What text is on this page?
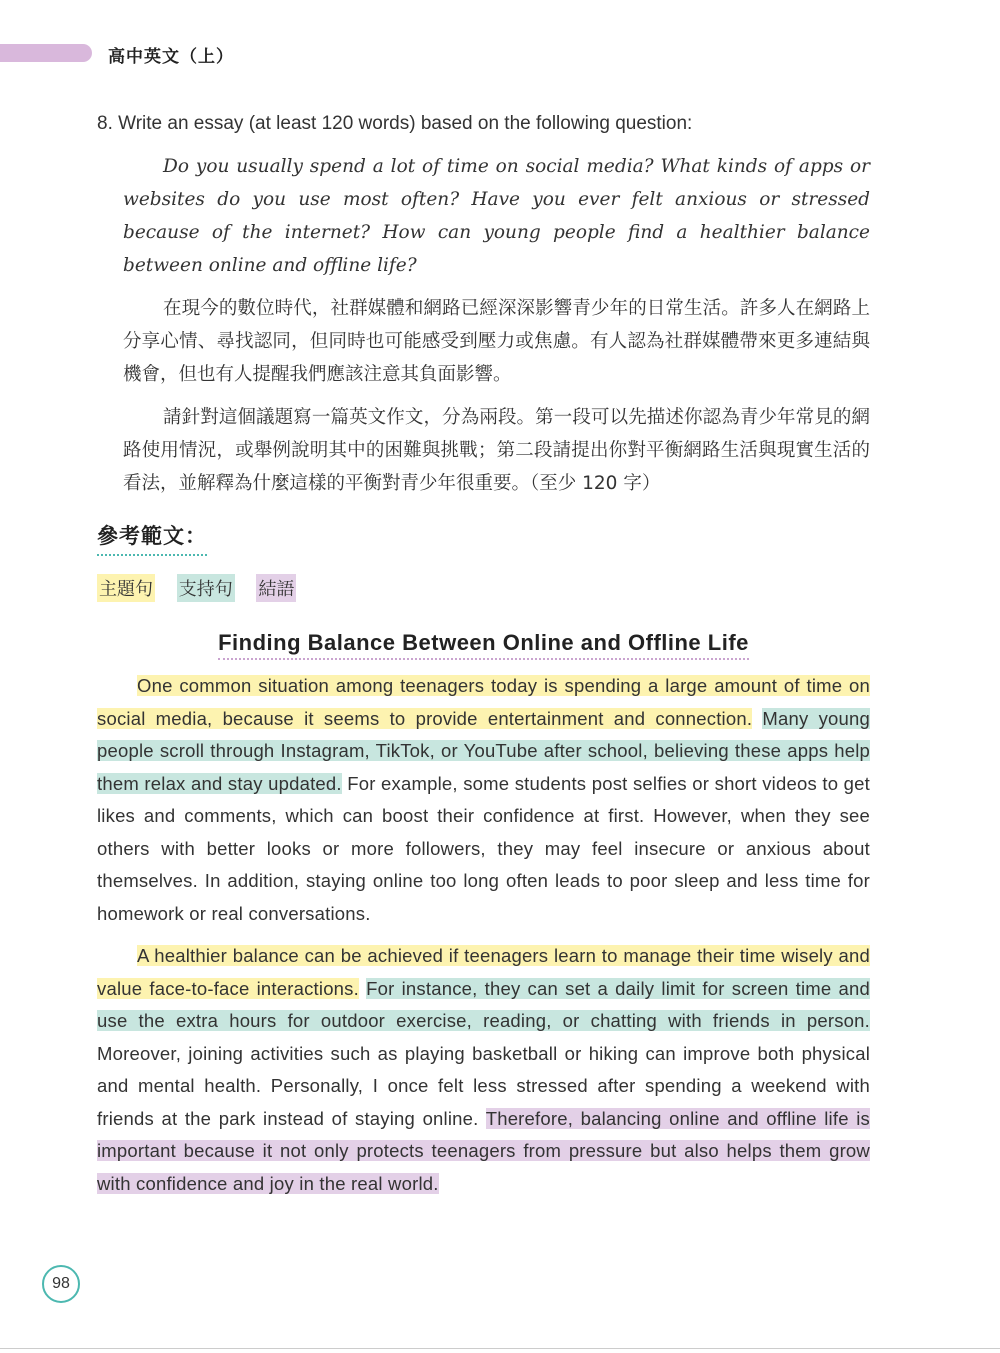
高中英文（上）

8. Write an essay (at least 120 words) based on the following question:

Do you usually spend a lot of time on social media? What kinds of apps or websites do you use most often? Have you ever felt anxious or stressed because of the internet? How can young people find a healthier balance between online and offline life?

在現今的數位時代，社群媒體和網路已經深深影響青少年的日常生活。許多人在網路上分享心情、尋找認同，但同時也可能感受到壓力或焦慮。有人認為社群媒體帶來更多連結與機會，但也有人提醒我們應該注意其負面影響。

請針對這個議題寫一篇英文作文，分為兩段。第一段可以先描述你認為青少年常見的網路使用情況，或舉例說明其中的困難與挑戰；第二段請提出你對平衡網路生活與現實生活的看法，並解釋為什麼這樣的平衡對青少年很重要。（至少 120 字）

參考範文：
主題句 支持句 結語
Finding Balance Between Online and Offline Life

One common situation among teenagers today is spending a large amount of time on social media, because it seems to provide entertainment and connection. Many young people scroll through Instagram, TikTok, or YouTube after school, believing these apps help them relax and stay updated. For example, some students post selfies or short videos to get likes and comments, which can boost their confidence at first. However, when they see others with better looks or more followers, they may feel insecure or anxious about themselves. In addition, staying online too long often leads to poor sleep and less time for homework or real conversations.

A healthier balance can be achieved if teenagers learn to manage their time wisely and value face-to-face interactions. For instance, they can set a daily limit for screen time and use the extra hours for outdoor exercise, reading, or chatting with friends in person. Moreover, joining activities such as playing basketball or hiking can improve both physical and mental health. Personally, I once felt less stressed after spending a weekend with friends at the park instead of staying online. Therefore, balancing online and offline life is important because it not only protects teenagers from pressure but also helps them grow with confidence and joy in the real world.

98
